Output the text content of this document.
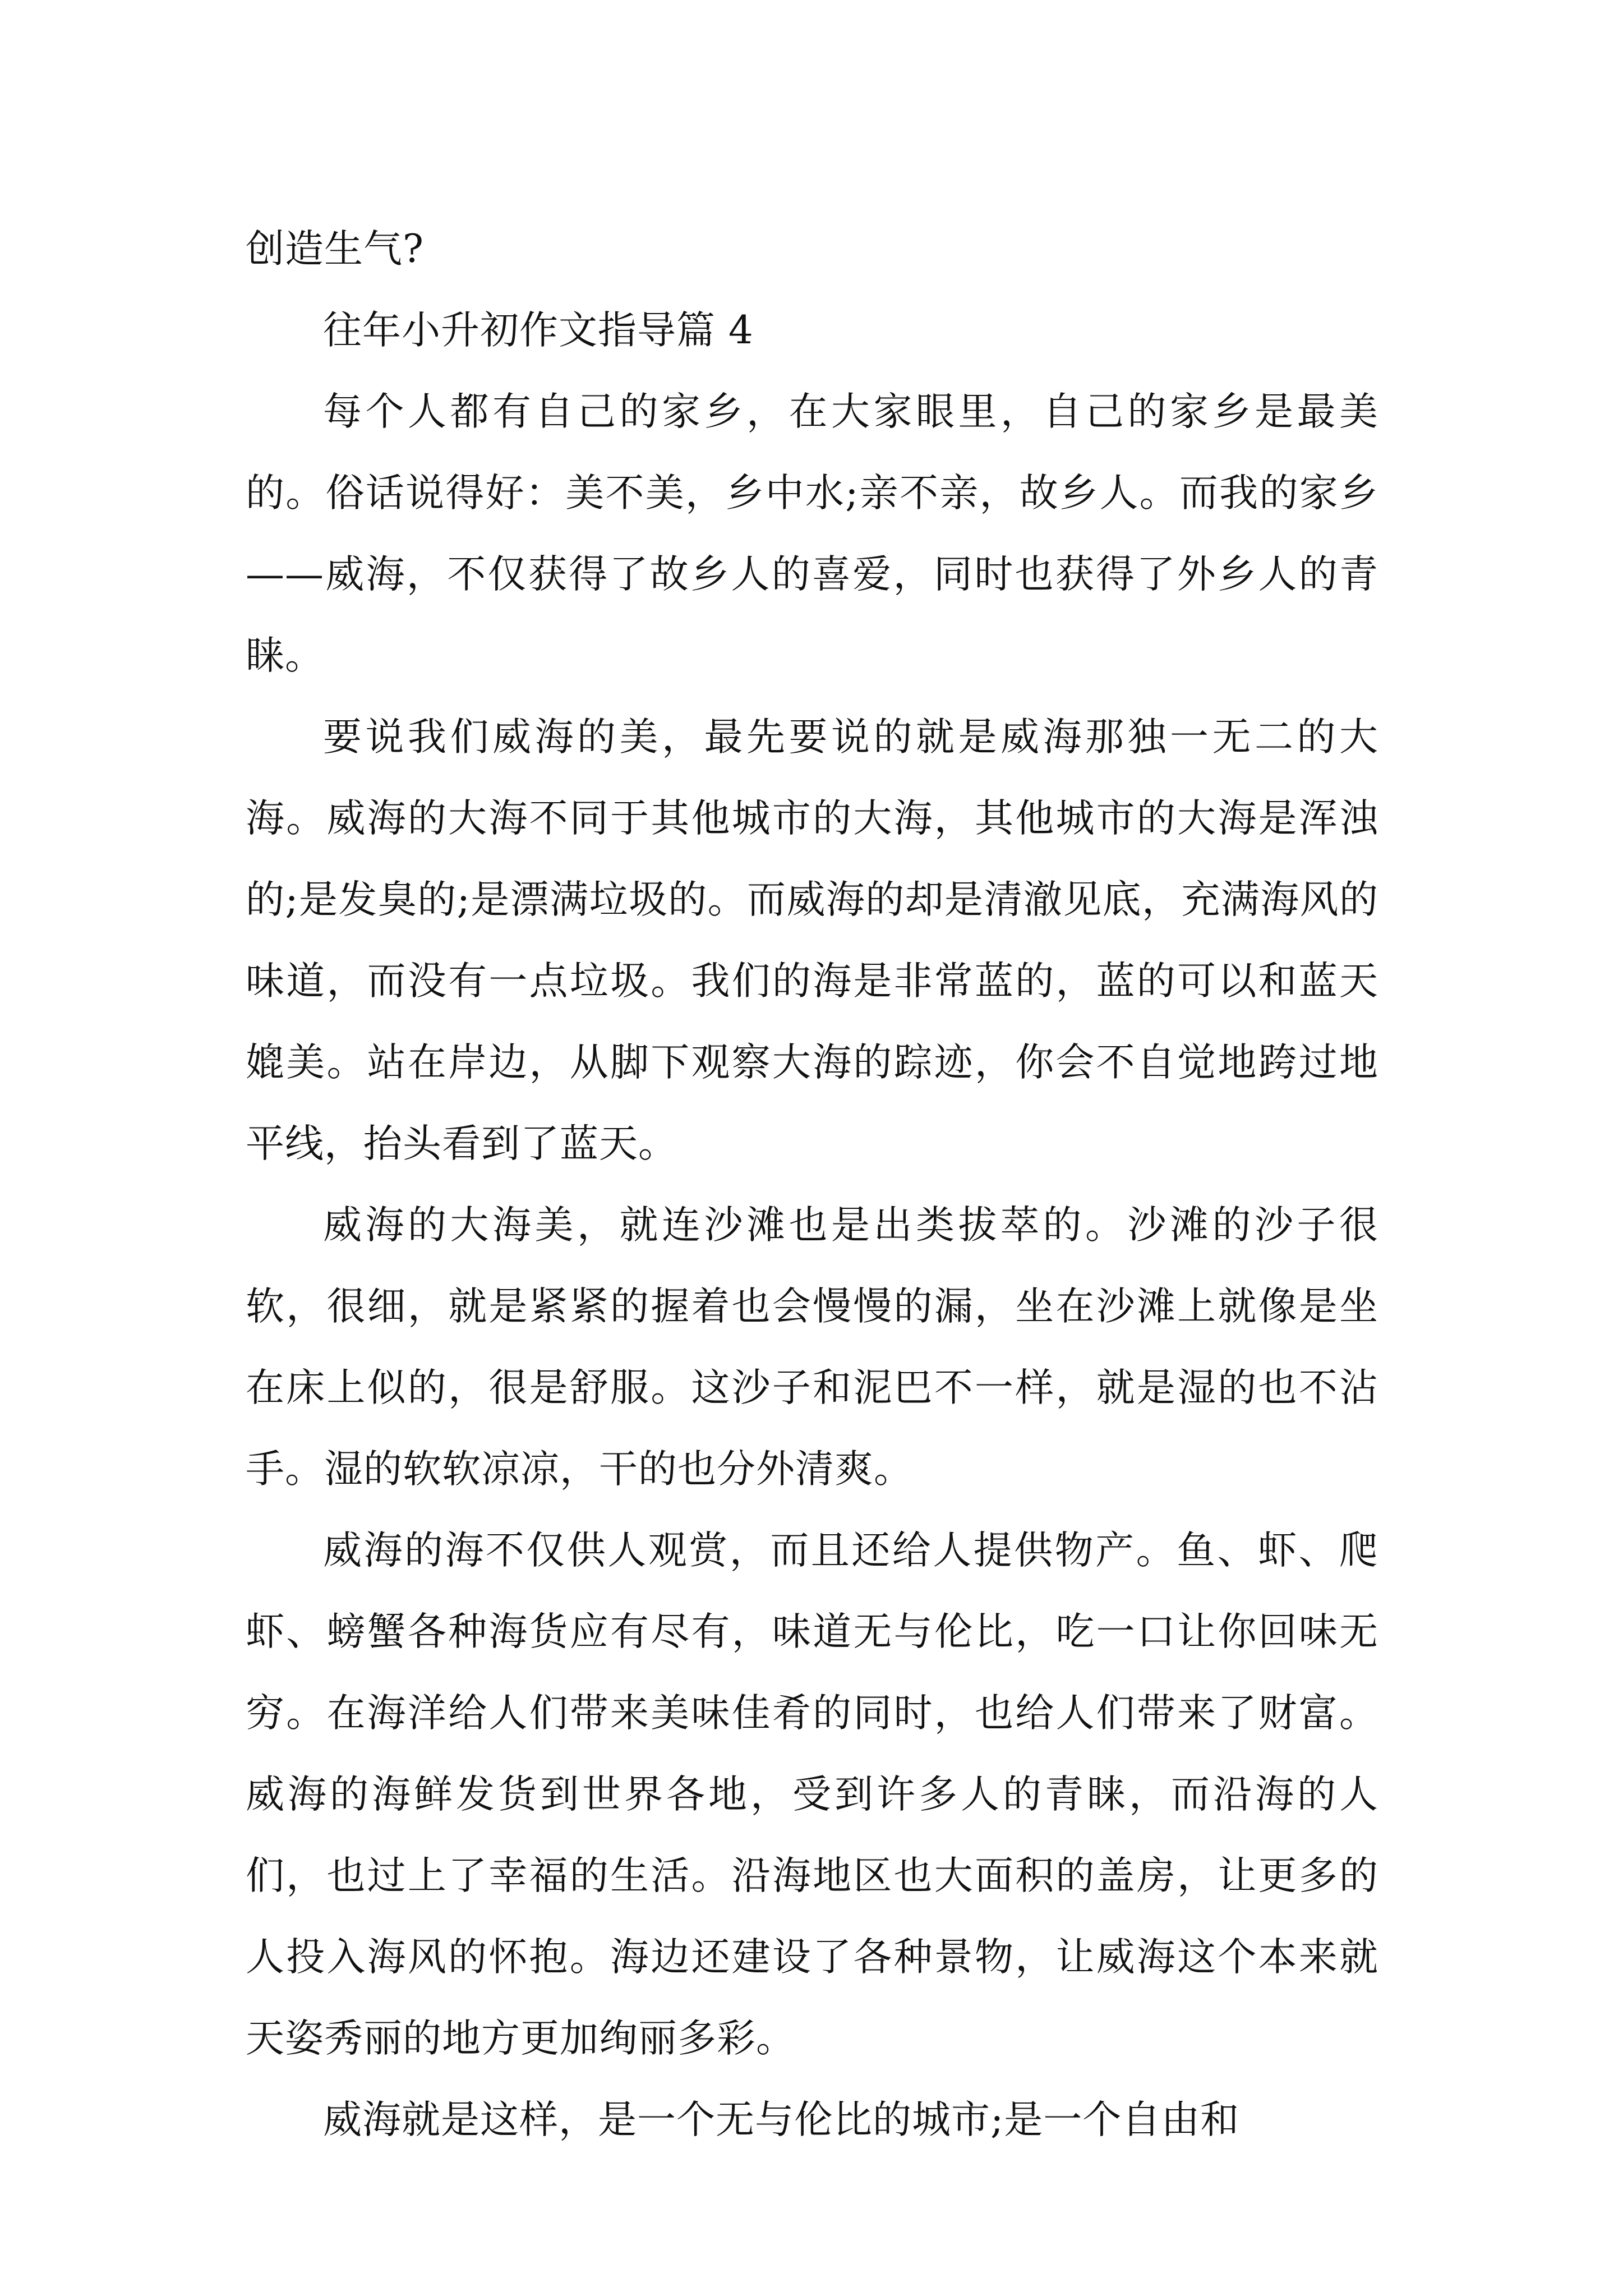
创造生气?

往年小升初作文指导篇 4

每个人都有自己的家乡，在大家眼里，自己的家乡是最美的。俗话说得好：美不美，乡中水;亲不亲，故乡人。而我的家乡——威海，不仅获得了故乡人的喜爱，同时也获得了外乡人的青睐。

要说我们威海的美，最先要说的就是威海那独一无二的大海。威海的大海不同于其他城市的大海，其他城市的大海是浑浊的;是发臭的;是漂满垃圾的。而威海的却是清澈见底，充满海风的味道，而没有一点垃圾。我们的海是非常蓝的，蓝的可以和蓝天媲美。站在岸边，从脚下观察大海的踪迹，你会不自觉地跨过地平线，抬头看到了蓝天。

威海的大海美，就连沙滩也是出类拔萃的。沙滩的沙子很软，很细，就是紧紧的握着也会慢慢的漏，坐在沙滩上就像是坐在床上似的，很是舒服。这沙子和泥巴不一样，就是湿的也不沾手。湿的软软凉凉，干的也分外清爽。

威海的海不仅供人观赏，而且还给人提供物产。鱼、虾、爬虾、螃蟹各种海货应有尽有，味道无与伦比，吃一口让你回味无穷。在海洋给人们带来美味佳肴的同时，也给人们带来了财富。威海的海鲜发货到世界各地，受到许多人的青睐，而沿海的人们，也过上了幸福的生活。沿海地区也大面积的盖房，让更多的人投入海风的怀抱。海边还建设了各种景物，让威海这个本来就天姿秀丽的地方更加绚丽多彩。

威海就是这样，是一个无与伦比的城市;是一个自由和
